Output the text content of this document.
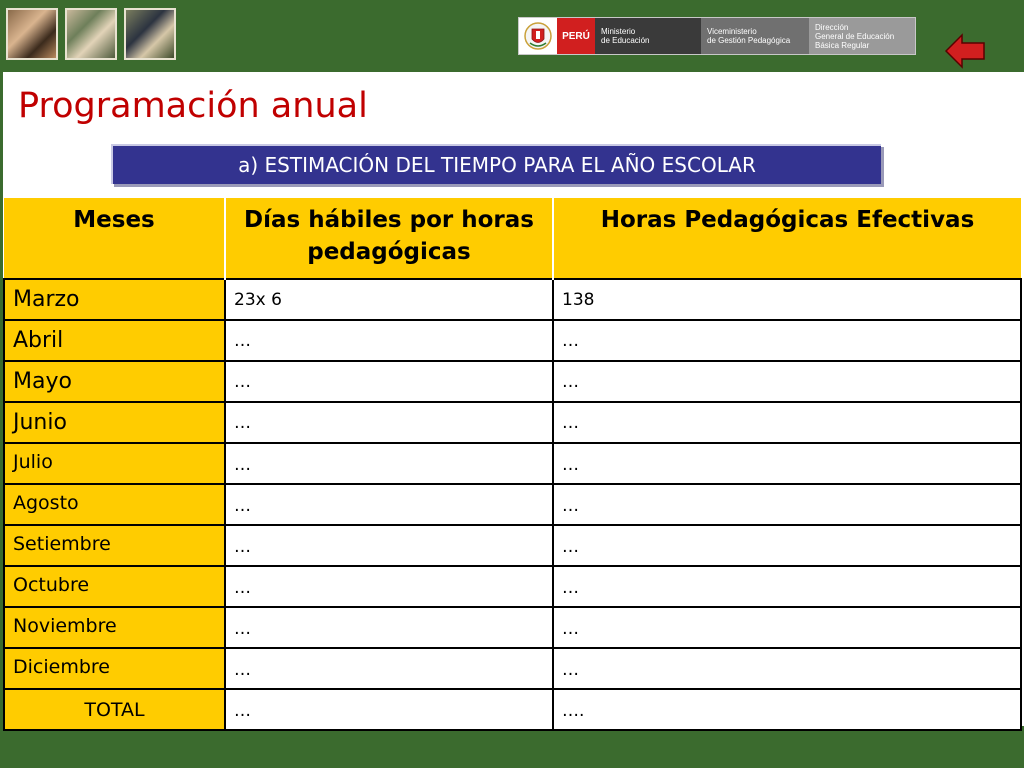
PERÚ	Ministerio
de Educación
Viceministerio
de Gestión Pedagógica
Dirección
General de Educación
Básica Regular
Programación anual
a) ESTIMACIÓN DEL TIEMPO PARA EL AÑO ESCOLAR
Meses	Días hábiles por horas pedagógicas	Horas Pedagógicas Efectivas
Marzo	23x 6	138
Abril	…	…
Mayo	…	…
Junio	…	…
Julio	…	…
Agosto	…	…
Setiembre	…	…
Octubre	…	…
Noviembre	…	…
Diciembre	…	…
TOTAL	…	….
